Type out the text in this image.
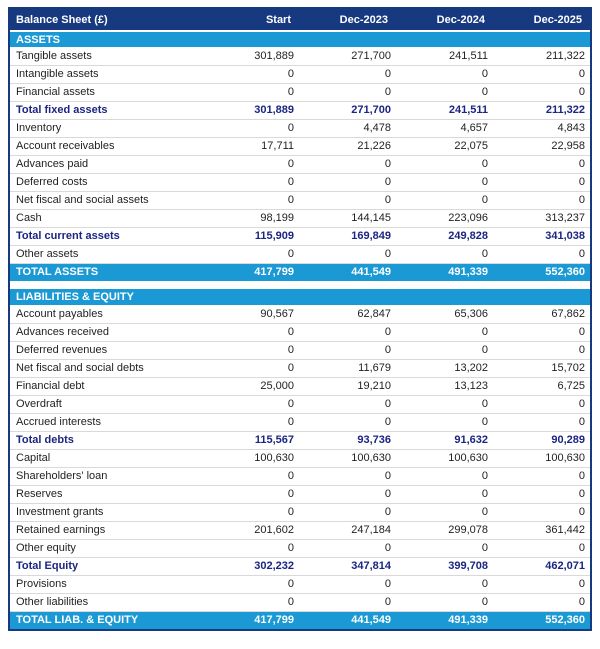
Balance Sheet (£)	Start	Dec-2023	Dec-2024	Dec-2025
ASSETS				
Tangible assets	301,889	271,700	241,511	211,322
Intangible assets	0	0	0	0
Financial assets	0	0	0	0
Total fixed assets	301,889	271,700	241,511	211,322
Inventory	0	4,478	4,657	4,843
Account receivables	17,711	21,226	22,075	22,958
Advances paid	0	0	0	0
Deferred costs	0	0	0	0
Net fiscal and social assets	0	0	0	0
Cash	98,199	144,145	223,096	313,237
Total current assets	115,909	169,849	249,828	341,038
Other assets	0	0	0	0
TOTAL ASSETS	417,799	441,549	491,339	552,360

LIABILITIES & EQUITY				
Account payables	90,567	62,847	65,306	67,862
Advances received	0	0	0	0
Deferred revenues	0	0	0	0
Net fiscal and social debts	0	11,679	13,202	15,702
Financial debt	25,000	19,210	13,123	6,725
Overdraft	0	0	0	0
Accrued interests	0	0	0	0
Total debts	115,567	93,736	91,632	90,289
Capital	100,630	100,630	100,630	100,630
Shareholders' loan	0	0	0	0
Reserves	0	0	0	0
Investment grants	0	0	0	0
Retained earnings	201,602	247,184	299,078	361,442
Other equity	0	0	0	0
Total Equity	302,232	347,814	399,708	462,071
Provisions	0	0	0	0
Other liabilities	0	0	0	0
TOTAL LIAB. & EQUITY	417,799	441,549	491,339	552,360
